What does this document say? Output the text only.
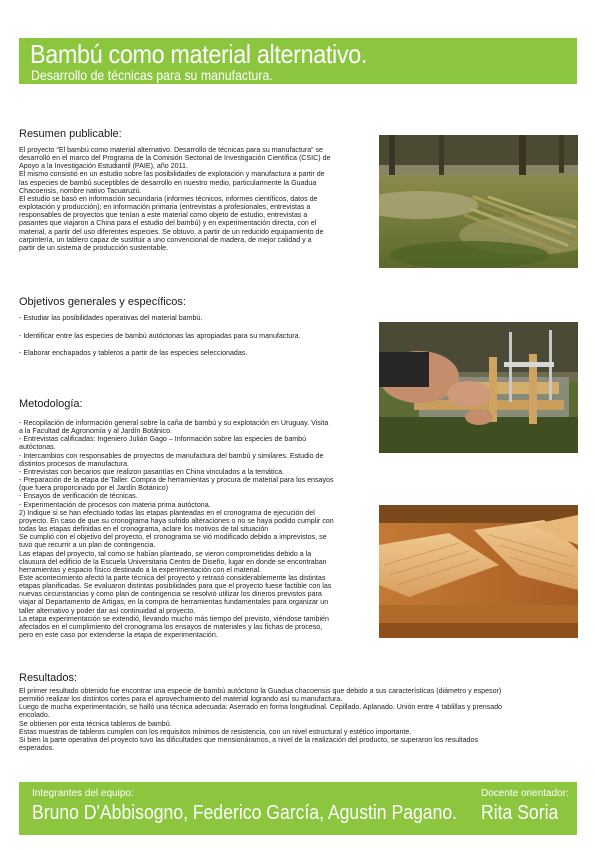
Bambú como material alternativo.
Desarrollo de técnicas para su manufactura.
Resumen publicable:
El proyecto “El bambú como material alternativo. Desarrollo de técnicas para su manufactura” se
desarrolló en el marco del Programa de la Comisión Sectorial de Investigación Científica (CSIC) de
Apoyo a la Investigación Estudiantil (PAIE), año 2011.
El mismo consistió en un estudio sobre las posibilidades de explotación y manufactura a partir de
las especies de bambú suceptibles de desarrollo en nuestro medio, particularmente la Guadua
Chacoensis, nombre nativo Tacuaruzú.
El estudio se basó en información secundaria (informes técnicos, informes científicos, datos de
explotación y producción); en información primaria (entrevistas a profesionales, entrevistas a
responsables de proyectos que tenían a este material como objeto de estudio, entrevistas a
pasantes que viajaron a China para el estudio del bambú) y en experimentación directa, con el
material, a partir del uso diferentes especies. Se obtuvo, a partir de un reducido equipamiento de
carpintería, un tablero capaz de sustituir a uno convencional de madera, de mejor calidad y a
partir de un sistema de producción sustentable.
Objetivos generales y específicos:
- Estudiar las posibilidades operativas del material bambú.
- Identificar entre las especies de bambú autóctonas las apropiadas para su manufactura.
- Elaborar enchapados y tableros a partir de las especies seleccionadas.
Metodología:
- Recopilación de información general sobre la caña de bambú y su explotación en Uruguay. Visita
a la Facultad de Agronomía y al Jardín Botánico.
- Entrevistas calificadas: Ingeniero Julián Gago – Información sobre las especies de bambú
autóctonas.
- Intercambios con responsables de proyectos de manufactura del bambú y similares. Estudio de
distintos procesos de manufactura.
- Entrevistas con becarios que realizon pasantías en China vinculados a la temática.
- Preparación de la etapa de Taller. Compra de herramientas y procura de material para los ensayos
(que fuera proporcinado por el Jardín Botánico)
- Ensayos de verificación de técnicas.
- Experimentación de procesos con materia prima autóctona.
2) Indique si se han efectuado todas las etapas planteadas en el cronograma de ejecución del
proyecto. En caso de que su cronograma haya sufrido alteraciones o no se haya podido cumplir con
todas las etapas definidas en el cronograma, aclare los motivos de tal situación
Se cumplió con el objetivo del proyecto, el cronograma se vió modificado debido a imprevistos, se
tuvo que recurrir a un plan de contingencia.
Las etapas del proyecto, tal como se habían planteado, se vieron comprometidas debido a la
clausura del edificio de la Escuela Universitaria Centro de Diseño, lugar en donde se encontraban
herramientas y espacio físico destinado a la experimentación con el material.
Este acontecimiento afectó la parte técnica del proyecto y retrasó considerablemente las distintas
etapas planificadas. Se evaluaron distintas posibilidades para que el proyecto fuese factible con las
nuevas circunstancias y como plan de contingencia se resolvió utilizar los dineros previstos para
viajar al Departamento de Artigas, en la compra de herramientas fundamentales para organizar un
taller alternativo y poder dar así continuidad al proyecto.
La etapa experimentación se extendió, llevando mucho más tiempo del previsto, viéndose también
afectados en el cumplimiento del cronograma los ensayos de materiales y las fichas de proceso,
pero en este caso por extenderse la etapa de experimentación.
Resultados:
El primer resultado obtenido fue encontrar una especie de bambú autóctono la Guadua chacoensis que debido a sus características (diámetro y espesor)
permitió realizar los distintos cortes para el aprovechamiento del material logrando así su manufactura.
Luego de mucha experimentación, se halló una técnica adecuada: Aserrado en forma longitudinal. Cepillado. Aplanado. Unión entre 4 tablillas y prensado
encolado.
Se obtienen por esta técnica tableros de bambú.
Estas muestras de tableros cumplen con los requisitos mínimos de resistencia, con un nivel estructural y estético importante.
Si bien la parte operativa del proyecto tuvo las dificultades que mensionáramos, a nivel de la realización del producto, se superaron los resultados
esperados.
Integrantes del equipo:
Bruno D'Abbisogno, Federico García, Agustin Pagano.
Docente orientador:
Rita Soria
